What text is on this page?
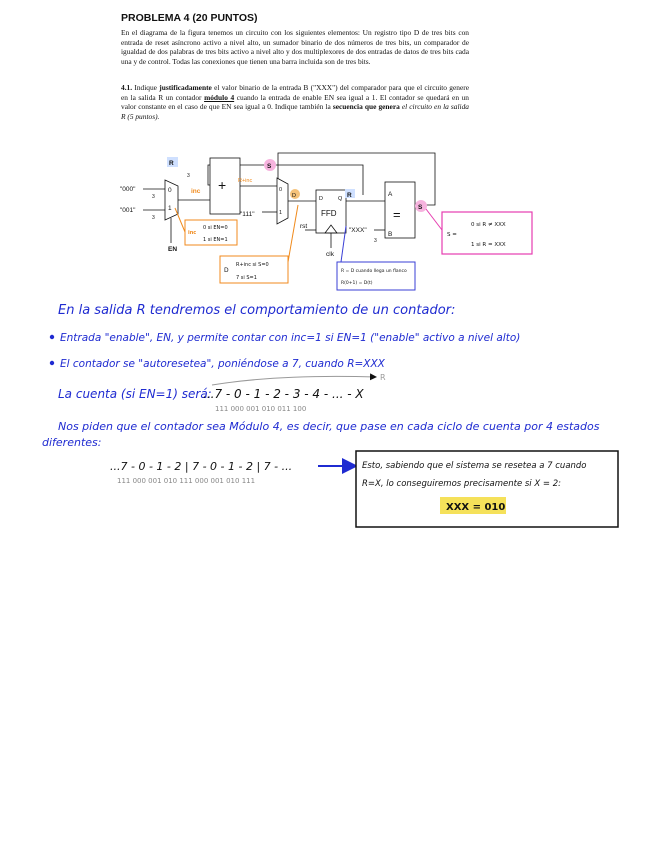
PROBLEMA 4 (20 PUNTOS)
En el diagrama de la figura tenemos un circuito con los siguientes elementos: Un registro tipo D de tres bits con entrada de reset asíncrono activo a nivel alto, un sumador binario de dos números de tres bits, un comparador de igualdad de dos palabras de tres bits activo a nivel alto y dos multiplexores de dos entradas de datos de tres bits cada una y de control. Todas las conexiones que tienen una barra incluida son de tres bits.
4.1. Indique justificadamente el valor binario de la entrada B ("XXX") del comparador para que el circuito genere en la salida R un contador módulo 4 cuando la entrada de enable EN sea igual a 1. El contador se quedará en un valor constante en el caso de que EN sea igual a 0. Indique también la secuencia que genera el circuito en la salida R (5 puntos).
0
1
"000"
"001"
3
3
EN
inc + R+inc
3
R
0
1
"111"
S
D	D	Q
FFD
clk
rst
R	A
B
=
"XXX"
3
S
inc
0 si EN=0
1 si EN=1
D
R+inc si S=0
7 si S=1
R = D cuando llega un flanco
R(0+1) = D(t)
S =
0 si R ≠ XXX
1 si R = XXX
En la salida R tendremos el comportamiento de un contador:
Entrada "enable", EN, y permite contar con inc=1 si EN=1 ("enable" activo a nivel alto)
El contador se "autoresetea", poniéndose a 7, cuando R=XXX
La cuenta (si EN=1) será:
...7 - 0 - 1 - 2 - 3 - 4 - ... - X
R
111 000 001 010 011 100
Nos piden que el contador sea Módulo 4, es decir, que pase en cada ciclo de cuenta por 4 estados
diferentes:
...7 - 0 - 1 - 2 | 7 - 0 - 1 - 2 | 7 - ...
111 000 001 010 111 000 001 010 111
Esto, sabiendo que el sistema se resetea a 7 cuando
R=X, lo conseguiremos precisamente si X = 2:
XXX = 010
